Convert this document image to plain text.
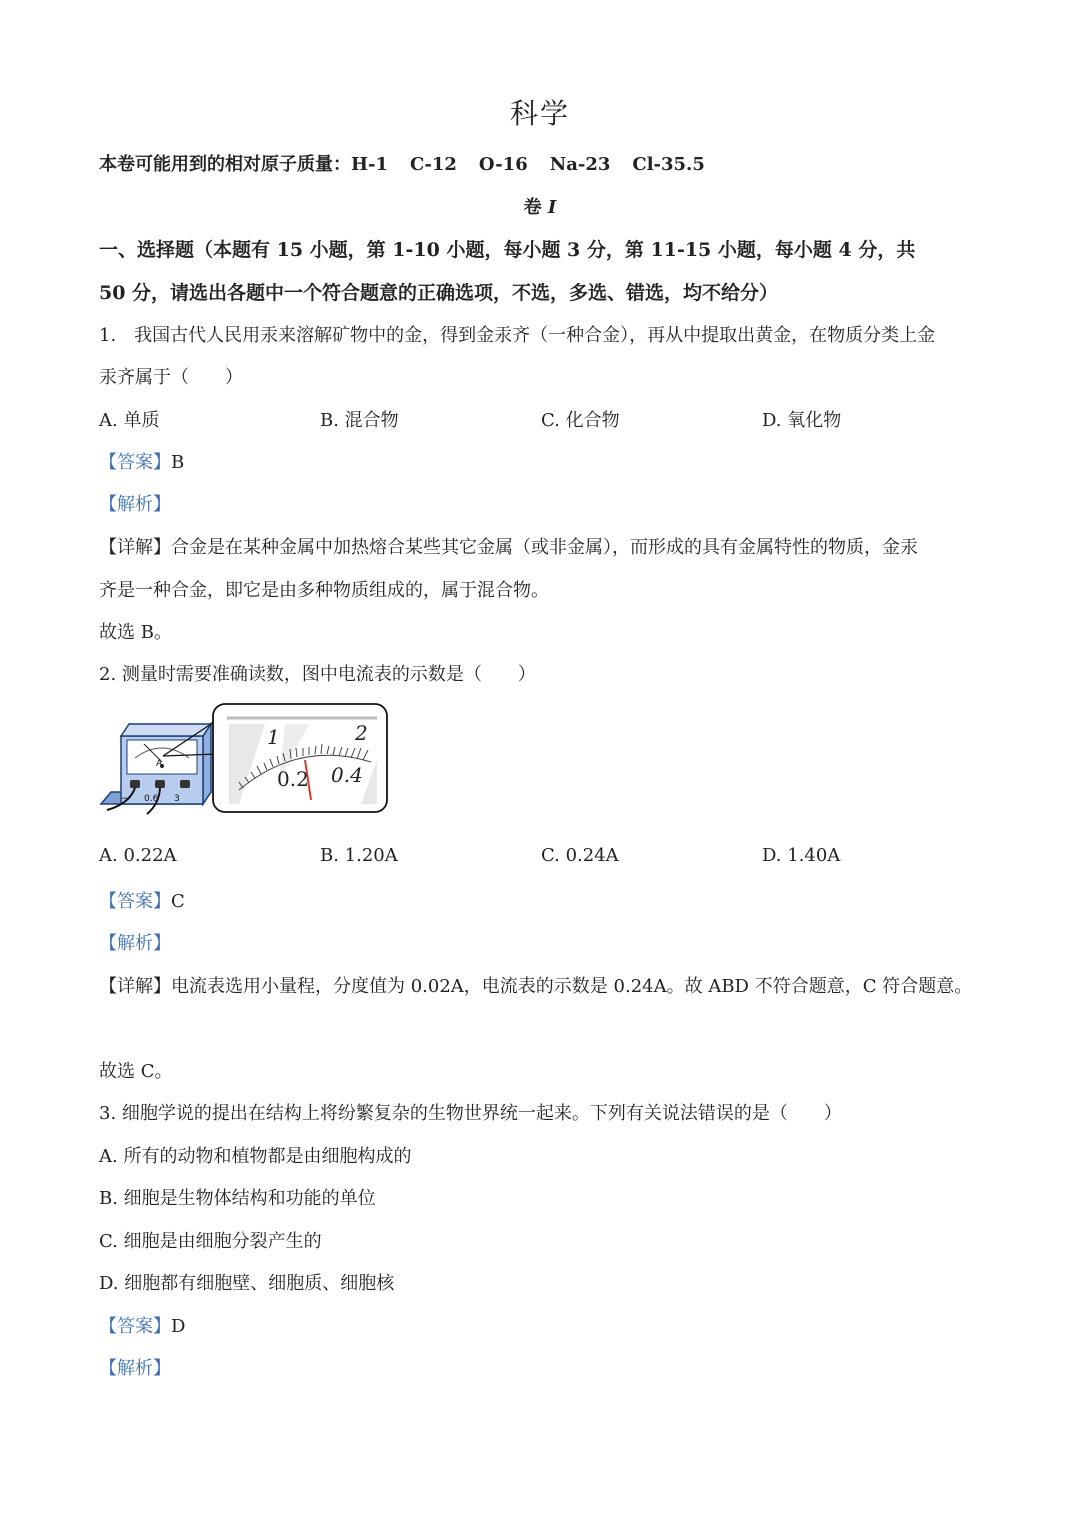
科学
本卷可能用到的相对原子质量：H-1 C-12 O-16 Na-23 Cl-35.5
卷 I
一、选择题（本题有 15 小题，第 1-10 小题，每小题 3 分，第 11-15 小题，每小题 4 分，共
50 分，请选出各题中一个符合题意的正确选项，不选，多选、错选，均不给分）
1.　我国古代人民用汞来溶解矿物中的金，得到金汞齐（一种合金），再从中提取出黄金，在物质分类上金
汞齐属于（　　）
A. 单质	B. 混合物	C. 化合物	D. 氧化物
【答案】B
【解析】
【详解】合金是在某种金属中加热熔合某些其它金属（或非金属），而形成的具有金属特性的物质，金汞
齐是一种合金，即它是由多种物质组成的，属于混合物。
故选 B。
2. 测量时需要准确读数，图中电流表的示数是（　　）
A
− 0.6 3
1	2
0.2 0.4
A. 0.22A	B. 1.20A	C. 0.24A	D. 1.40A
【答案】C
【解析】
【详解】电流表选用小量程，分度值为 0.02A，电流表的示数是 0.24A。故 ABD 不符合题意，C 符合题意。
故选 C。
3. 细胞学说的提出在结构上将纷繁复杂的生物世界统一起来。下列有关说法错误的是（　　）
A. 所有的动物和植物都是由细胞构成的
B. 细胞是生物体结构和功能的单位
C. 细胞是由细胞分裂产生的
D. 细胞都有细胞壁、细胞质、细胞核
【答案】D
【解析】
